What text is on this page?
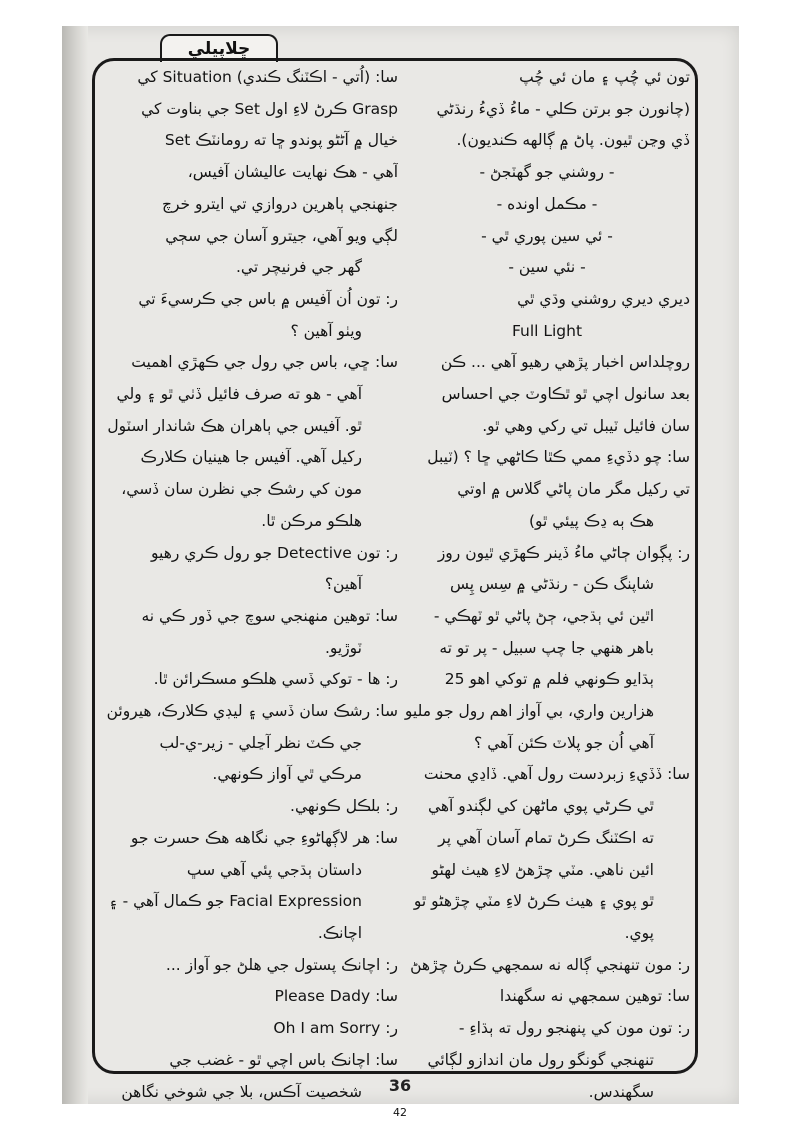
ڇلاپيلي
تون ئي چُپ ۽ مان ئي چُپ
(چانورن جو برتن ڪلي - ماءُ ڏيءُ رنڌڻي
ڏي وڃن ٿيون. پاڻ ۾ ڳالهه ڪنديون).
- روشني جو گهٽجڻ -
- مڪمل اونده -
- ئي سين پوري ٿي -
- نئي سين -
ديري ديري روشني وڌي ٿي
Full Light
روچلداس اخبار پڙهي رهيو آهي ... ڪن
بعد سانول اچي ٿو ٿڪاوٽ جي احساس
سان فائيل ٽيبل تي رکي وهي ٿو.
سا: چو دڏيءِ ممي ڪٿا ڪاڻهي ڇا ؟ (ٽيبل
تي رکيل مگر مان پاڻي گلاس ۾ اوتي
هڪ ٻه ڍڪ پيئي ٿو)
ر: پڳوان ڄاڻي ماءُ ڏينر ڪهڙي ٿيون روز
شاپنگ ڪن - رنڌڻي ۾ سِس پِس
اٿين ئي ٻڌجي، ڄڻ پاڻي ٿو ٽهڪي -
باهر هنهي جا چپ سبيل - پر تو ته
ٻڌايو ڪونهي فلم ۾ توکي اهو 25
هزارين واري، بي آواز اهم رول جو مليو
آهي اُن جو پلاٽ ڪئن آهي ؟
سا: ڏڏيءِ زبردست رول آهي. ڏاڍي محنت
ٿي ڪرڻي پوي ماڻهن کي لڳندو آهي
ته اڪٽنگ ڪرڻ تمام آسان آهي پر
ائين ناهي. مٽي چڙهڻ لاءِ هيٺ لهڻو
ٿو پوي ۽ هيٺ ڪرڻ لاءِ مٽي چڙهڻو ٿو
پوي.
ر: مون تنهنجي ڳاله نه سمجهي ڪرڻ چڙهڻ
سا: توهين سمجهي نه سگهندا
ر: تون مون کي پنهنجو رول ته ٻڌاءِ -
تنهنجي گونگو رول مان اندازو لڳائي
سگهندس.
سا: (اُتي - اڪٽنگ ڪندي) Situation کي
Grasp ڪرڻ لاءِ اول Set جي بناوت کي
خيال ۾ آڻڻو پوندو ڇا ته رومانٽڪ Set
آهي - هڪ نهايت عاليشان آفيس،
جنهنجي ٻاهرين دروازي تي ايترو خرچ
لڳي ويو آهي، جيترو آسان جي سڄي
گهر جي فرنيچر تي.
ر: تون اُن آفيس ۾ باس جي ڪرسيءَ تي
ويٺو آهين ؟
سا: ڇي، باس جي رول جي ڪهڙي اهميت
آهي - هو ته صرف فائيل ڏٺي ٿو ۽ ولي
ٿو. آفيس جي ٻاهران هڪ شاندار اسٽول
رکيل آهي. آفيس جا هينيان ڪلارڪ
مون کي رشڪ جي نظرن سان ڏسي،
هلڪو مرڪن ٿا.
ر: تون Detective جو رول ڪري رهيو
آهين؟
سا: توهين منهنجي سوچ جي ڏور ڪي نه
ٽوڙيو.
ر: ها - توکي ڏسي هلڪو مسڪرائن ٿا.
سا: رشڪ سان ڏسي ۽ ليڊي ڪلارڪ، هيروئن
جي ڪٽ نظر آڃلي - زير-ي-لب
مرڪي ٿي آواز ڪونهي.
ر: بلڪل ڪونهي.
سا: هر لاڳهاڻوءِ جي نگاهه هڪ حسرت جو
داستان ٻڌجي پئي آهي سڀ
Facial Expression جو ڪمال آهي - ۽
اچانڪ.
ر: اچانڪ پستول جي هلڻ جو آواز ...
سا: Please Dady
ر: Oh I am Sorry
سا: اچانڪ باس اچي ٿو - غضب جي
شخصيت آڪس، بلا جي شوخي نگاهن	36
42
